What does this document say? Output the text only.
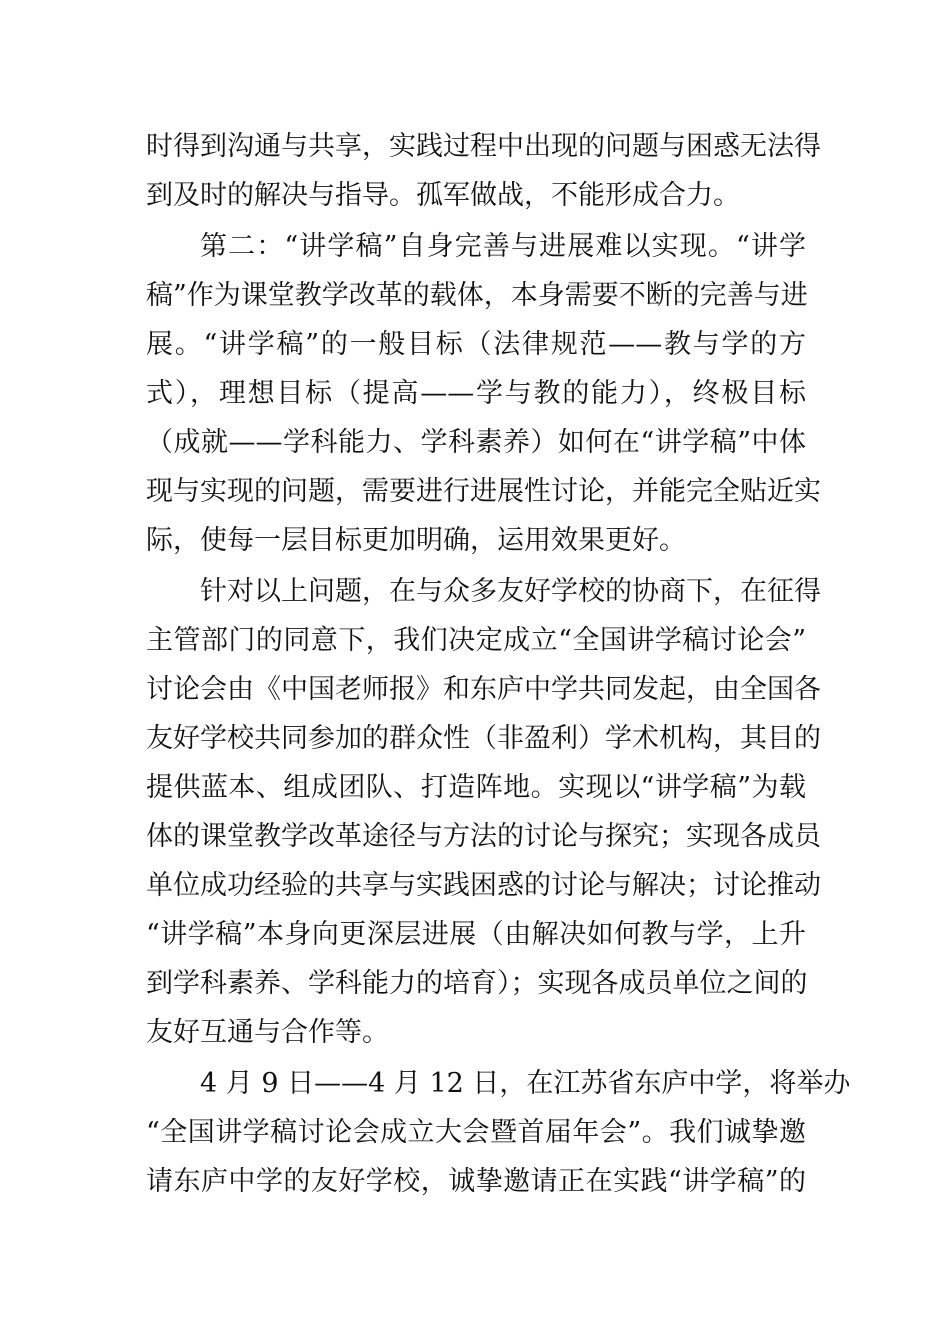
时得到沟通与共享，实践过程中出现的问题与困惑无法得
到及时的解决与指导。孤军做战，不能形成合力。
第二：“讲学稿”自身完善与进展难以实现。“讲学
稿”作为课堂教学改革的载体，本身需要不断的完善与进
展。“讲学稿”的一般目标（法律规范——教与学的方
式），理想目标（提高——学与教的能力），终极目标
（成就——学科能力、学科素养）如何在“讲学稿”中体
现与实现的问题，需要进行进展性讨论，并能完全贴近实
际，使每一层目标更加明确，运用效果更好。
针对以上问题，在与众多友好学校的协商下，在征得
主管部门的同意下，我们决定成立“全国讲学稿讨论会”
讨论会由《中国老师报》和东庐中学共同发起，由全国各
友好学校共同参加的群众性（非盈利）学术机构，其目的
提供蓝本、组成团队、打造阵地。实现以“讲学稿”为载
体的课堂教学改革途径与方法的讨论与探究；实现各成员
单位成功经验的共享与实践困惑的讨论与解决；讨论推动
“讲学稿”本身向更深层进展（由解决如何教与学，上升
到学科素养、学科能力的培育）；实现各成员单位之间的
友好互通与合作等。
4 月 9 日——4 月 12 日，在江苏省东庐中学，将举办
“全国讲学稿讨论会成立大会暨首届年会”。我们诚挚邀
请东庐中学的友好学校，诚挚邀请正在实践“讲学稿”的
